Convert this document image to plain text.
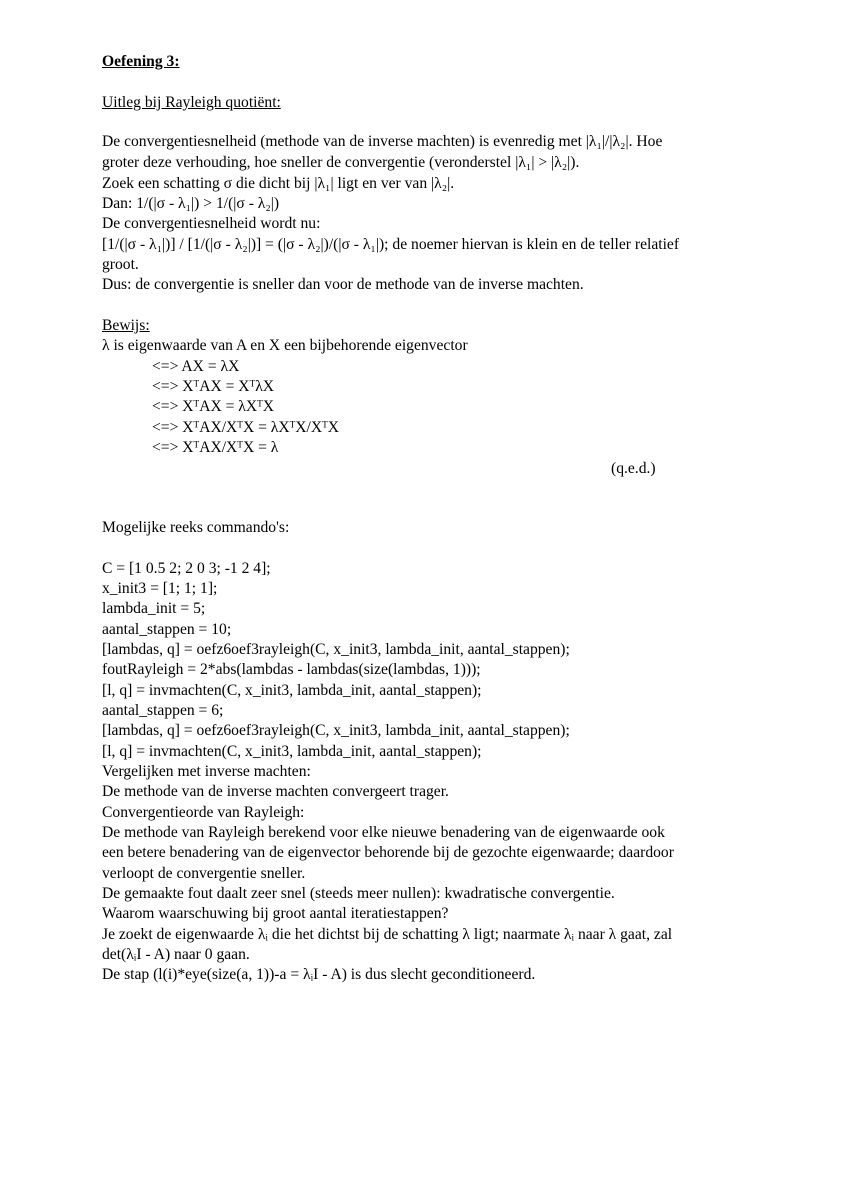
Oefening 3:
Uitleg bij Rayleigh quotiënt:
De convergentiesnelheid (methode van de inverse machten) is evenredig met |λ₁|/|λ₂|. Hoe
groter deze verhouding, hoe sneller de convergentie (veronderstel |λ₁| > |λ₂|).
Zoek een schatting σ die dicht bij |λ₁| ligt en ver van |λ₂|.
Dan: 1/(|σ - λ₁|) > 1/(|σ - λ₂|)
De convergentiesnelheid wordt nu:
[1/(|σ - λ₁|)] / [1/(|σ - λ₂|)] = (|σ - λ₂|)/(|σ - λ₁|); de noemer hiervan is klein en de teller relatief
groot.
Dus: de convergentie is sneller dan voor de methode van de inverse machten.
Bewijs:
λ is eigenwaarde van A en X een bijbehorende eigenvector
<=> AX = λX
<=> XᵀAX = XᵀλX
<=> XᵀAX = λXᵀX
<=> XᵀAX/XᵀX = λXᵀX/XᵀX
<=> XᵀAX/XᵀX = λ
(q.e.d.)
Mogelijke reeks commando's:
C = [1 0.5 2; 2 0 3; -1 2 4];
x_init3 = [1; 1; 1];
lambda_init = 5;
aantal_stappen = 10;
[lambdas, q] = oefz6oef3rayleigh(C, x_init3, lambda_init, aantal_stappen);
foutRayleigh = 2*abs(lambdas - lambdas(size(lambdas, 1)));
[l, q] = invmachten(C, x_init3, lambda_init, aantal_stappen);
aantal_stappen = 6;
[lambdas, q] = oefz6oef3rayleigh(C, x_init3, lambda_init, aantal_stappen);
[l, q] = invmachten(C, x_init3, lambda_init, aantal_stappen);
Vergelijken met inverse machten:
De methode van de inverse machten convergeert trager.
Convergentieorde van Rayleigh:
De methode van Rayleigh berekend voor elke nieuwe benadering van de eigenwaarde ook
een betere benadering van de eigenvector behorende bij de gezochte eigenwaarde; daardoor
verloopt de convergentie sneller.
De gemaakte fout daalt zeer snel (steeds meer nullen): kwadratische convergentie.
Waarom waarschuwing bij groot aantal iteratiestappen?
Je zoekt de eigenwaarde λᵢ die het dichtst bij de schatting λ ligt; naarmate λᵢ naar λ gaat, zal
det(λᵢI - A) naar 0 gaan.
De stap (l(i)*eye(size(a, 1))-a = λᵢI - A) is dus slecht geconditioneerd.
